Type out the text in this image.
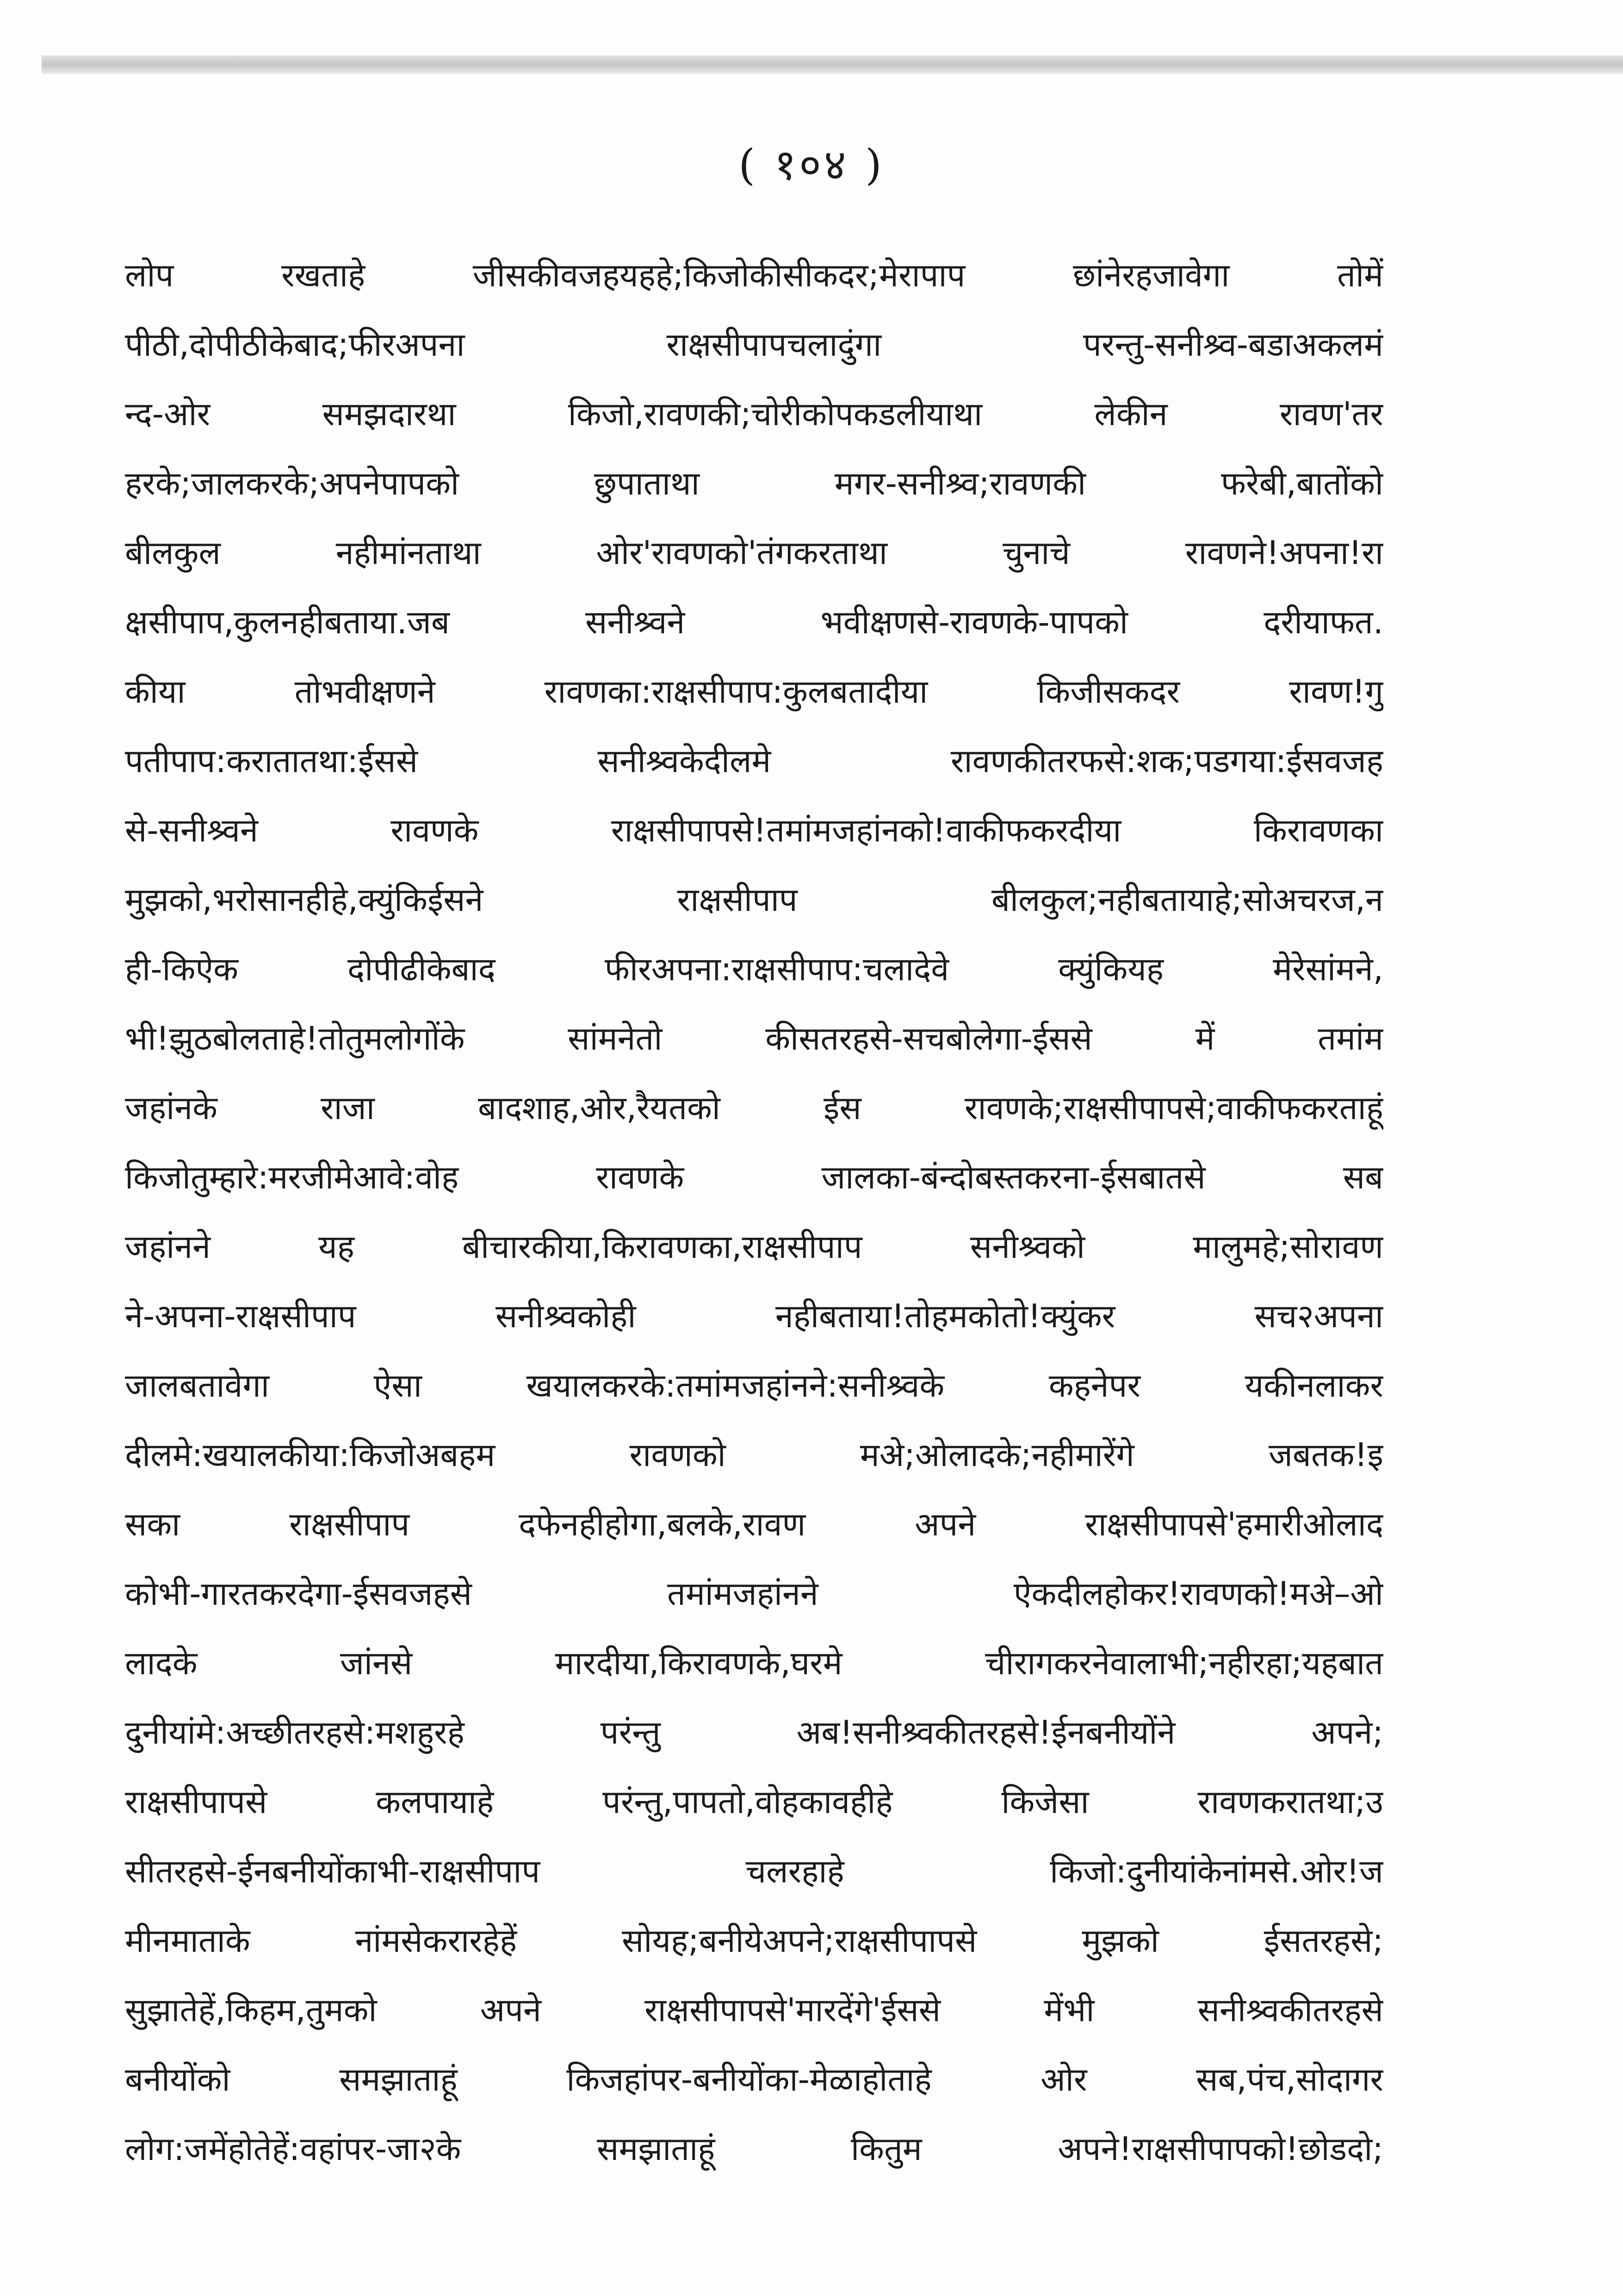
( १०४ )
लोप रखताहे जीसकीवजहयहहे;किजोकीसीकदर;मेरापाप छांनेरहजावेगा तोमें
पीठी,दोपीठीकेबाद;फीरअपना राक्षसीपापचलादुंगा परन्तु-सनीश्र्व-बडाअकलमं
न्द-ओर समझदारथा किजो,रावणकी;चोरीकोपकडलीयाथा लेकीन रावण'तर
हरके;जालकरके;अपनेपापको छुपाताथा मगर-सनीश्र्व;रावणकी फरेबी,बातोंको
बीलकुल नहीमांनताथा ओर'रावणको'तंगकरताथा चुनाचे रावणने!अपना!रा
क्षसीपाप,कुलनहीबताया.जब सनीश्र्वने भवीक्षणसे-रावणके-पापको दरीयाफत.
कीया तोभवीक्षणने रावणका:राक्षसीपाप:कुलबतादीया किजीसकदर रावण!गु
पतीपाप:करातातथा:ईससे सनीश्र्वकेदीलमे रावणकीतरफसे:शक;पडगया:ईसवजह
से-सनीश्र्वने रावणके राक्षसीपापसे!तमांमजहांनको!वाकीफकरदीया किरावणका
मुझको,भरोसानहीहे,क्युंकिईसने राक्षसीपाप बीलकुल;नहीबतायाहे;सोअचरज,न
ही-किऐक दोपीढीकेबाद फीरअपना:राक्षसीपाप:चलादेवे क्युंकियह मेरेसांमने,
भी!झुठबोलताहे!तोतुमलोगोंके सांमनेतो कीसतरहसे-सचबोलेगा-ईससे में तमांम
जहांनके राजा बादशाह,ओर,रैयतको ईस रावणके;राक्षसीपापसे;वाकीफकरताहूं
किजोतुम्हारे:मरजीमेआवे:वोह रावणके जालका-बंन्दोबस्तकरना-ईसबातसे सब
जहांनने यह बीचारकीया,किरावणका,राक्षसीपाप सनीश्र्वको मालुमहे;सोरावण
ने-अपना-राक्षसीपाप सनीश्र्वकोही नहीबताया!तोहमकोतो!क्युंकर सच२अपना
जालबतावेगा ऐसा खयालकरके:तमांमजहांनने:सनीश्र्वके कहनेपर यकीनलाकर
दीलमे:खयालकीया:किजोअबहम रावणको मअे;ओलादके;नहीमारेंगे जबतक!इ
सका राक्षसीपाप दफेनहीहोगा,बलके,रावण अपने राक्षसीपापसे'हमारीओलाद
कोभी-गारतकरदेगा-ईसवजहसे तमांमजहांनने ऐकदीलहोकर!रावणको!मअे–ओ
लादके जांनसे मारदीया,किरावणके,घरमे चीरागकरनेवालाभी;नहीरहा;यहबात
दुनीयांमे:अच्छीतरहसे:मशहुरहे परंन्तु अब!सनीश्र्वकीतरहसे!ईनबनीयोंने अपने;
राक्षसीपापसे कलपायाहे परंन्तु,पापतो,वोहकावहीहे किजेसा रावणकरातथा;उ
सीतरहसे-ईनबनीयोंकाभी-राक्षसीपाप चलरहाहे किजो:दुनीयांकेनांमसे.ओर!ज
मीनमाताके नांमसेकरारहेहें सोयह;बनीयेअपने;राक्षसीपापसे मुझको ईसतरहसे;
सुझातेहें,किहम,तुमको अपने राक्षसीपापसे'मारदेंगे'ईससे मेंभी सनीश्र्वकीतरहसे
बनीयोंको समझाताहूं किजहांपर-बनीयोंका-मेळाहोताहे ओर सब,पंच,सोदागर
लोग:जमेंहोतेहें:वहांपर-जा२के समझाताहूं कितुम अपने!राक्षसीपापको!छोडदो;
